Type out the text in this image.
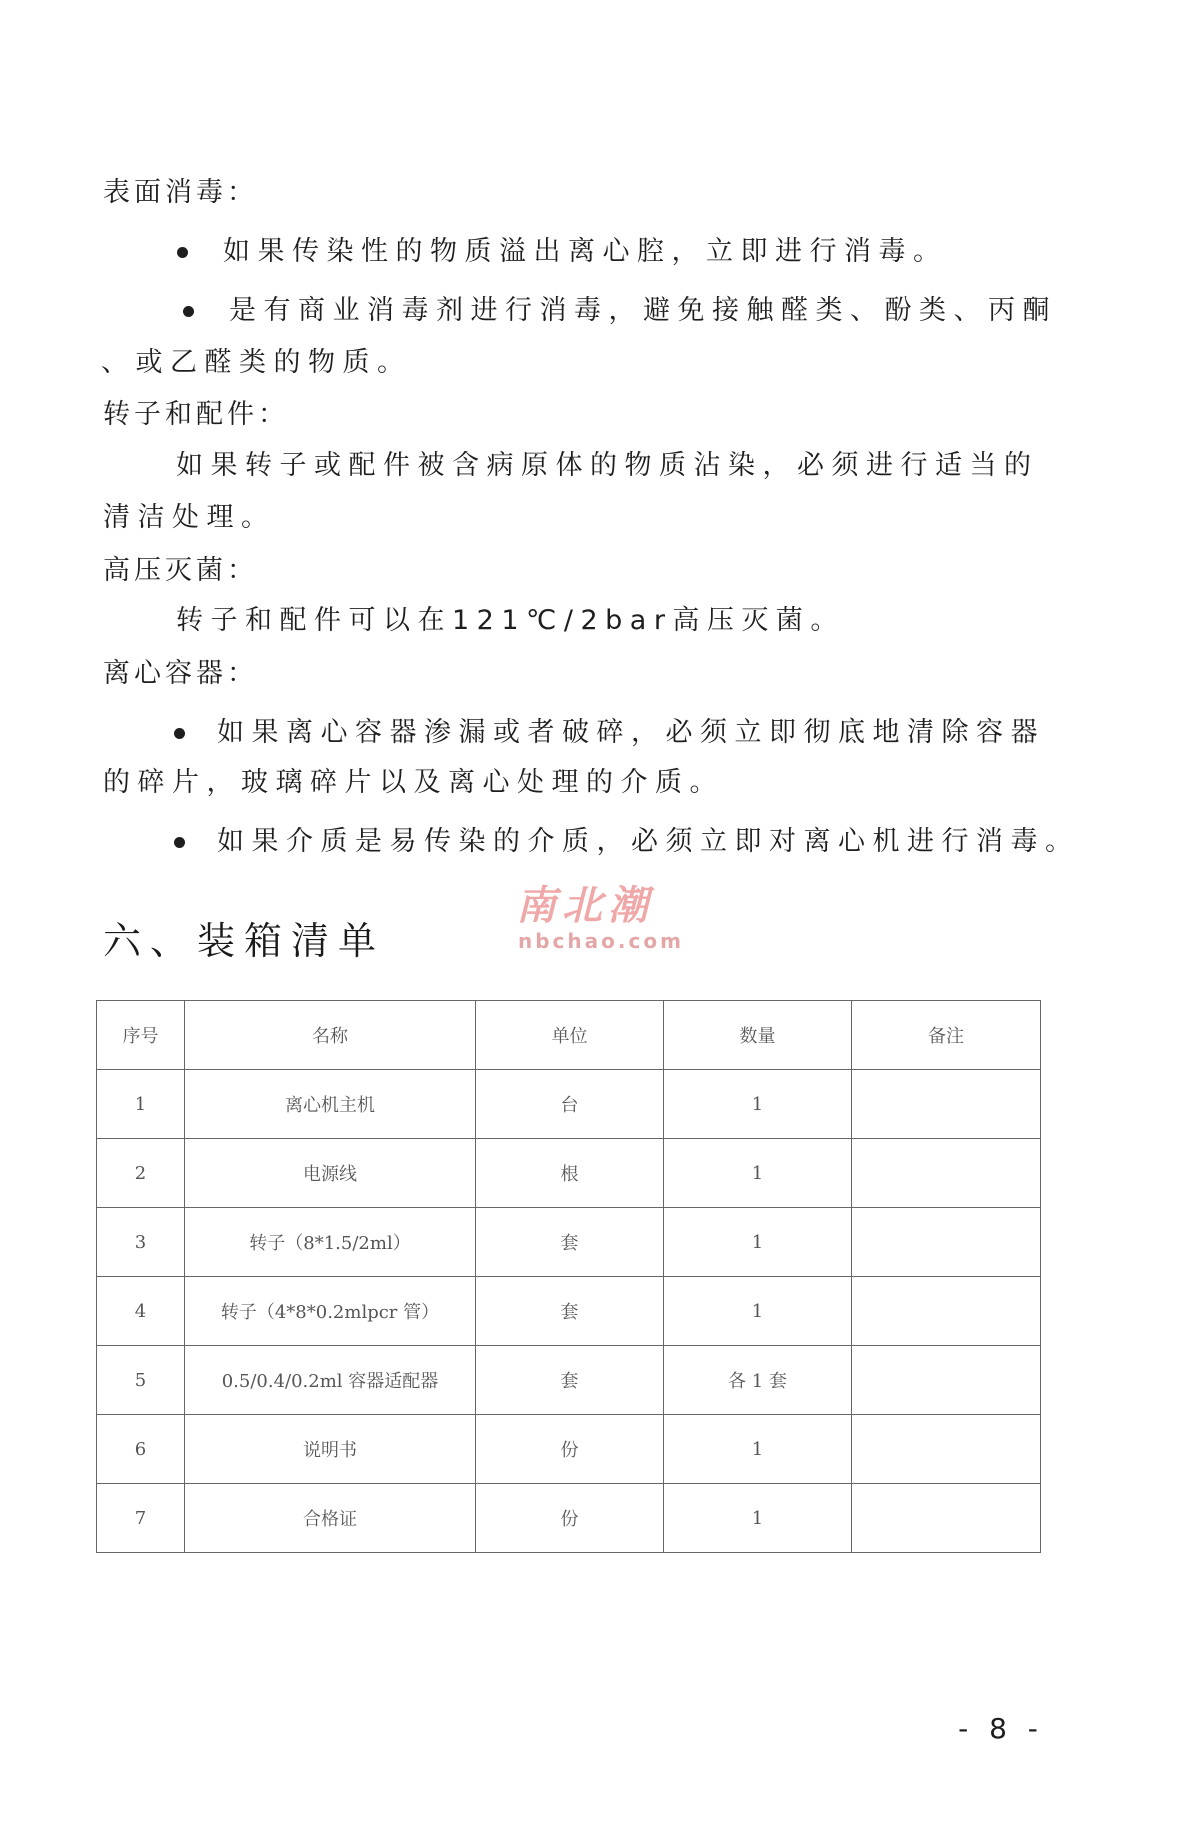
表面消毒：
如果传染性的物质溢出离心腔，立即进行消毒。
是有商业消毒剂进行消毒，避免接触醛类、酚类、丙酮
、或乙醛类的物质。
转子和配件：
如果转子或配件被含病原体的物质沾染，必须进行适当的
清洁处理。
高压灭菌：
转子和配件可以在121℃/2bar高压灭菌。
离心容器：
如果离心容器渗漏或者破碎，必须立即彻底地清除容器
的碎片，玻璃碎片以及离心处理的介质。
如果介质是易传染的介质，必须立即对离心机进行消毒。
南北潮
nbchao.com
六、装箱清单
序号	名称	单位	数量	备注
1	离心机主机	台	1	
2	电源线	根	1	
3	转子（8*1.5/2ml）	套	1	
4	转子（4*8*0.2mlpcr 管）	套	1	
5	0.5/0.4/0.2ml 容器适配器	套	各 1 套	
6	说明书	份	1	
7	合格证	份	1	
- 8 -
